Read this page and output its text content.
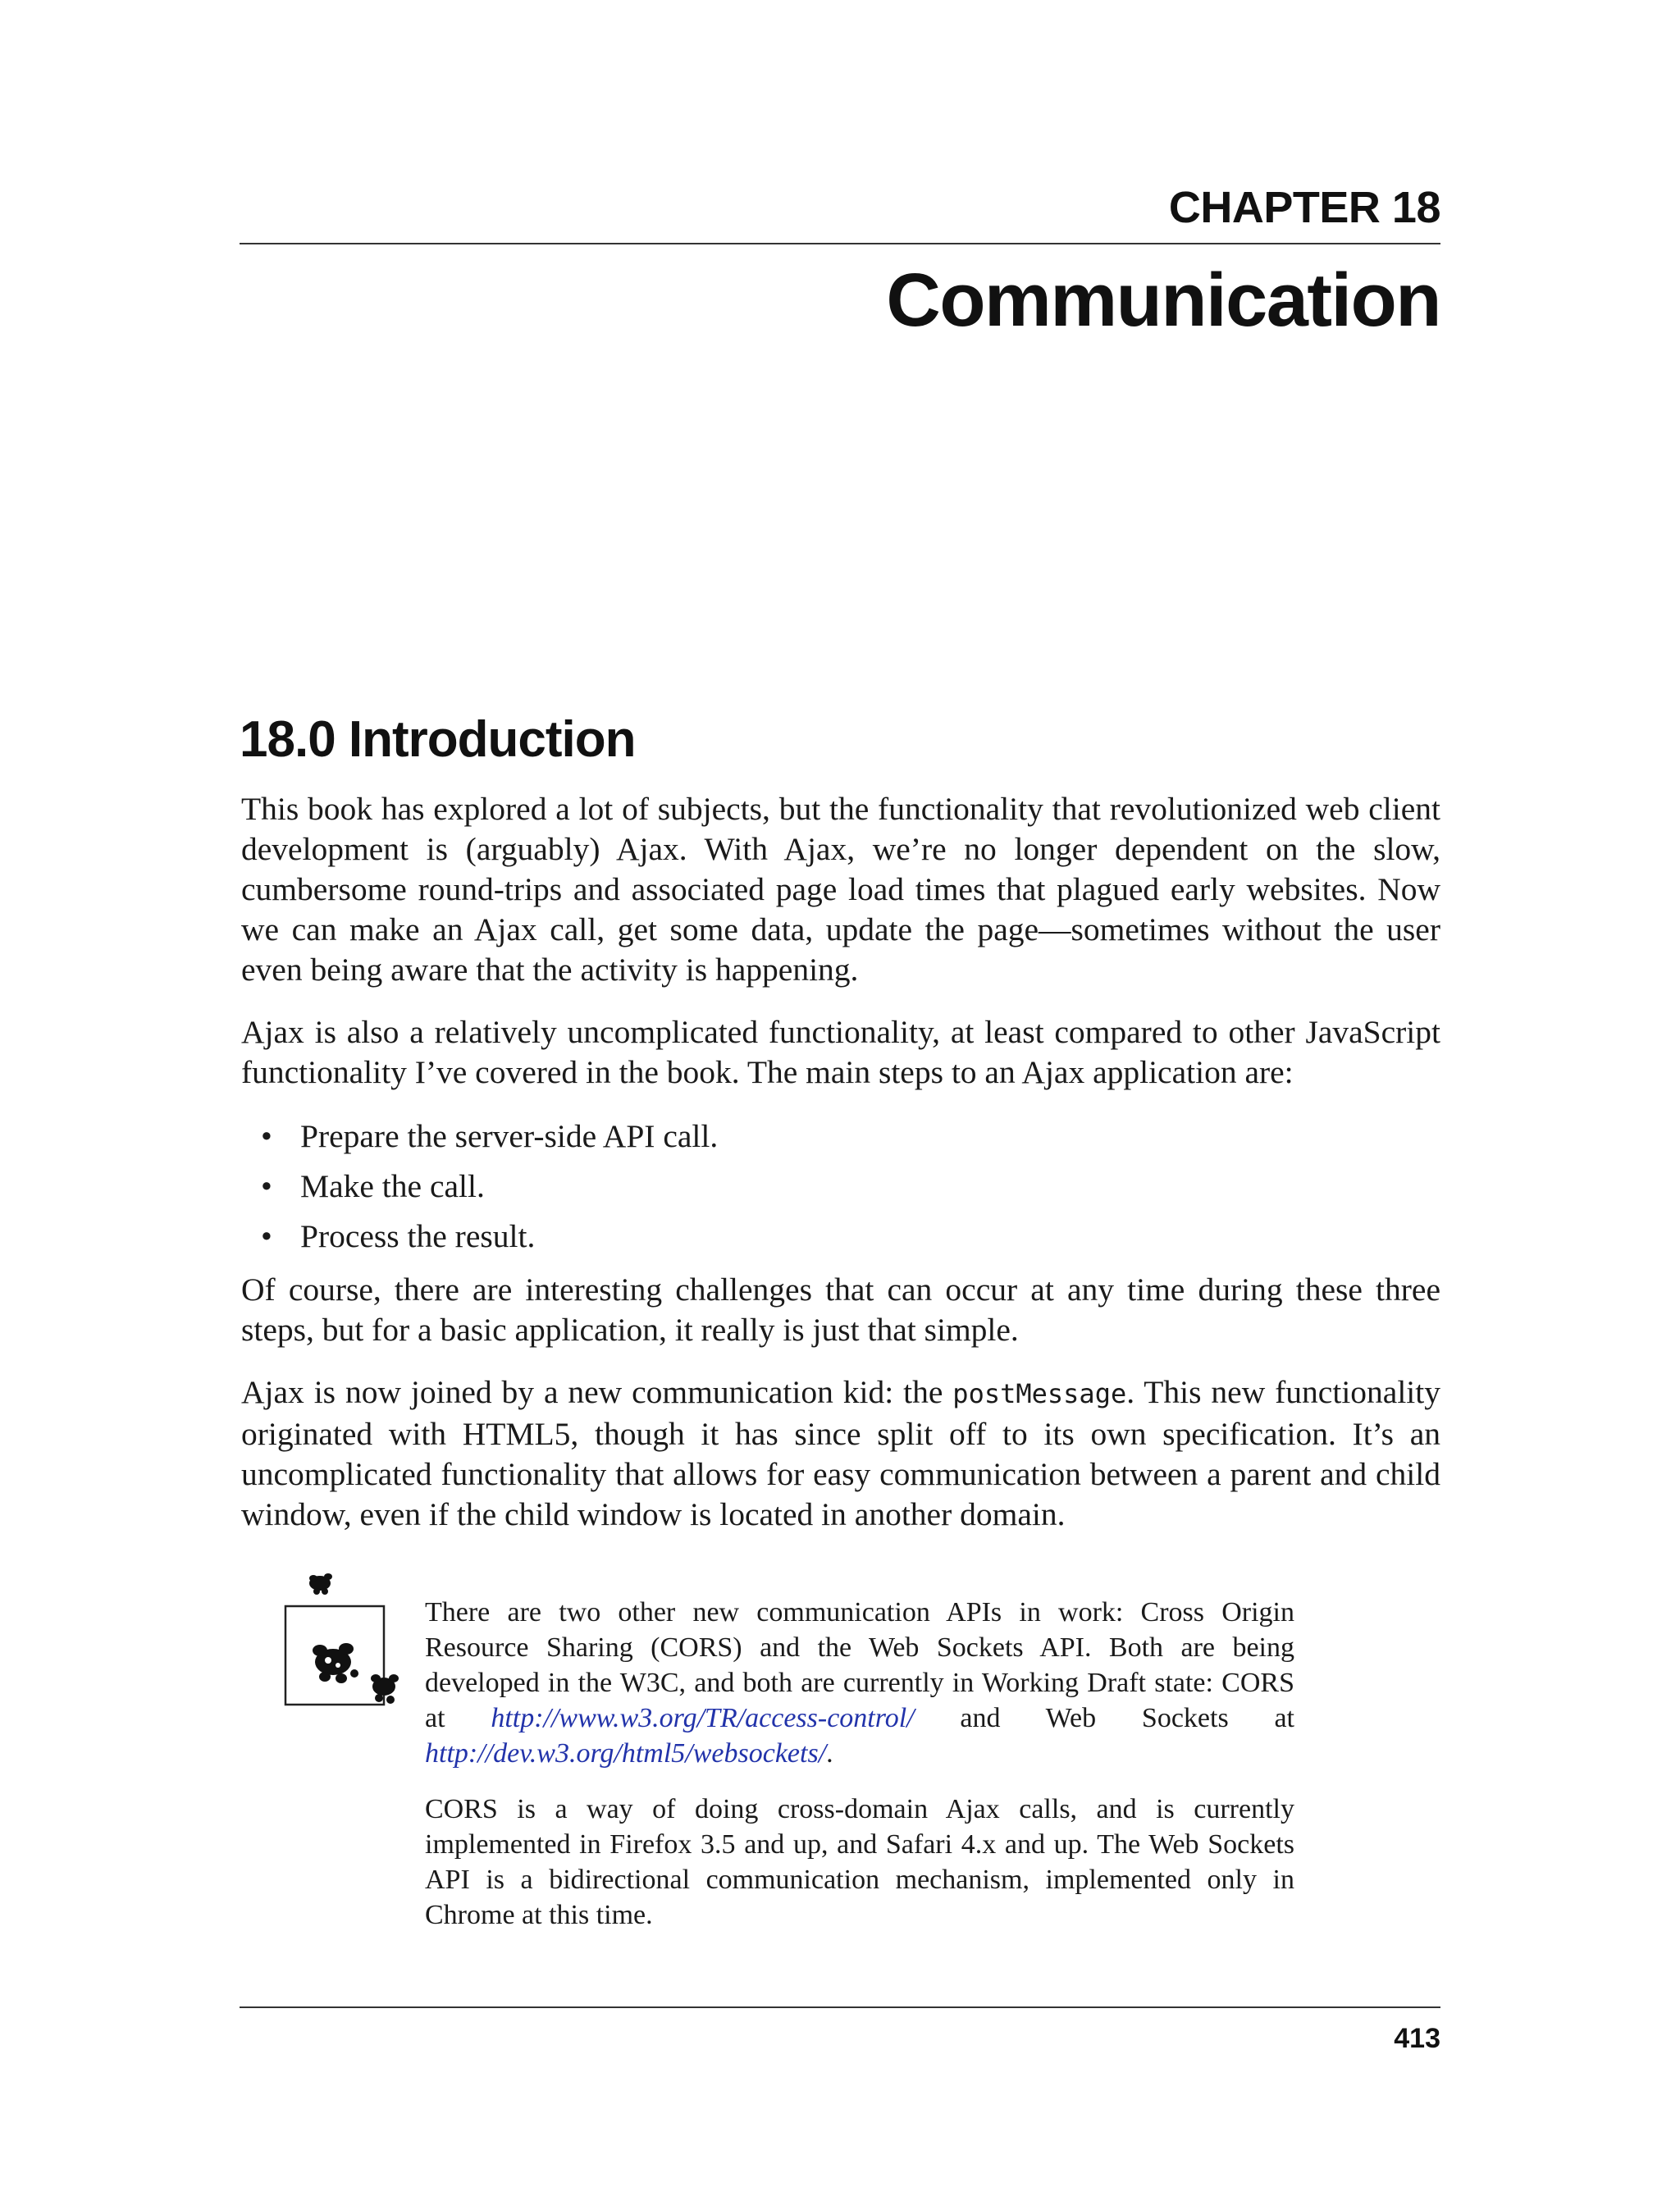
CHAPTER 18
Communication
18.0 Introduction

This book has explored a lot of subjects, but the functionality that revolutionized web client development is (arguably) Ajax. With Ajax, we’re no longer dependent on the slow, cumbersome round-trips and associated page load times that plagued early websites. Now we can make an Ajax call, get some data, update the page—sometimes without the user even being aware that the activity is happening.

Ajax is also a relatively uncomplicated functionality, at least compared to other JavaScript functionality I’ve covered in the book. The main steps to an Ajax application are:

• Prepare the server-side API call.
• Make the call.
• Process the result.

Of course, there are interesting challenges that can occur at any time during these three steps, but for a basic application, it really is just that simple.

Ajax is now joined by a new communication kid: the postMessage. This new functionality originated with HTML5, though it has since split off to its own specification. It’s an uncomplicated functionality that allows for easy communication between a parent and child window, even if the child window is located in another domain.

There are two other new communication APIs in work: Cross Origin Resource Sharing (CORS) and the Web Sockets API. Both are being developed in the W3C, and both are currently in Working Draft state: CORS at http://www.w3.org/TR/access-control/ and Web Sockets at http://dev.w3.org/html5/websockets/.

CORS is a way of doing cross-domain Ajax calls, and is currently implemented in Firefox 3.5 and up, and Safari 4.x and up. The Web Sockets API is a bidirectional communication mechanism, implemented only in Chrome at this time.

413
